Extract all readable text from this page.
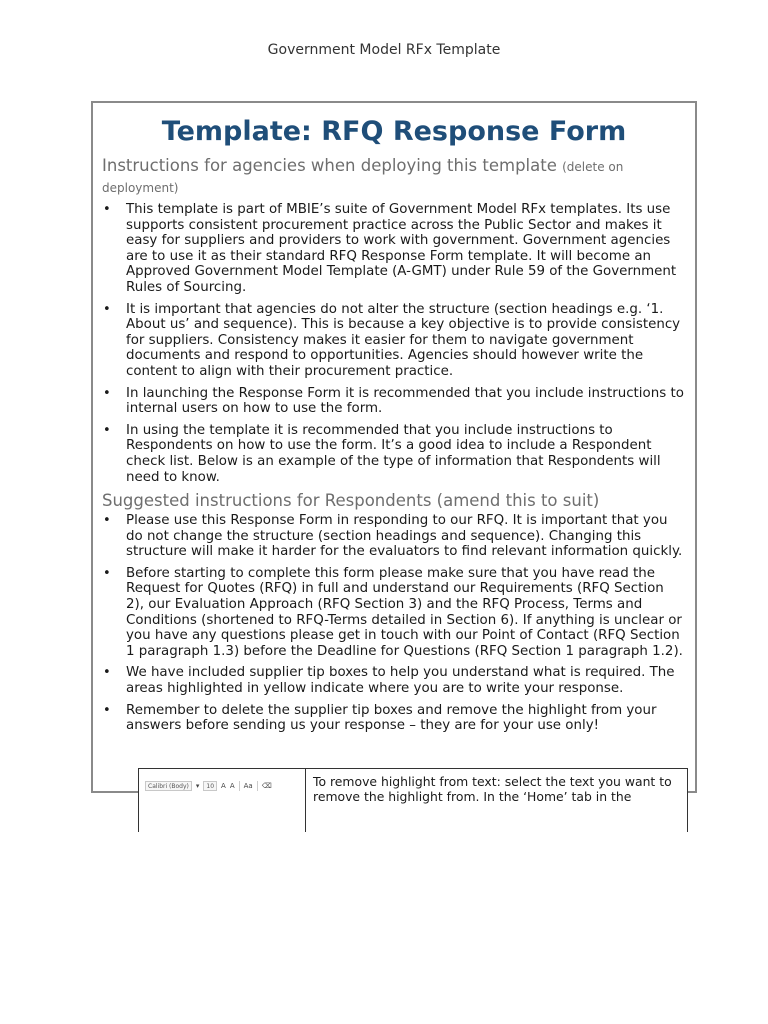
Government Model RFx Template
Template: RFQ Response Form
Instructions for agencies when deploying this template (delete on deployment)
• This template is part of MBIE’s suite of Government Model RFx templates. Its use supports consistent procurement practice across the Public Sector and makes it easy for suppliers and providers to work with government. Government agencies are to use it as their standard RFQ Response Form template. It will become an Approved Government Model Template (A-GMT) under Rule 59 of the Government Rules of Sourcing.
• It is important that agencies do not alter the structure (section headings e.g. ‘1. About us’ and sequence). This is because a key objective is to provide consistency for suppliers. Consistency makes it easier for them to navigate government documents and respond to opportunities. Agencies should however write the content to align with their procurement practice.
• In launching the Response Form it is recommended that you include instructions to internal users on how to use the form.
• In using the template it is recommended that you include instructions to Respondents on how to use the form. It’s a good idea to include a Respondent check list. Below is an example of the type of information that Respondents will need to know.
Suggested instructions for Respondents (amend this to suit)
• Please use this Response Form in responding to our RFQ. It is important that you do not change the structure (section headings and sequence). Changing this structure will make it harder for the evaluators to find relevant information quickly.
• Before starting to complete this form please make sure that you have read the Request for Quotes (RFQ) in full and understand our Requirements (RFQ Section 2), our Evaluation Approach (RFQ Section 3) and the RFQ Process, Terms and Conditions (shortened to RFQ-Terms detailed in Section 6). If anything is unclear or you have any questions please get in touch with our Point of Contact (RFQ Section 1 paragraph 1.3) before the Deadline for Questions (RFQ Section 1 paragraph 1.2).
• We have included supplier tip boxes to help you understand what is required. The areas highlighted in yellow indicate where you are to write your response.
• Remember to delete the supplier tip boxes and remove the highlight from your answers before sending us your response – they are for your use only!
Calibri (Body)	▾	10	A A Aa ⌫	To remove highlight from text: select the text you want to remove the highlight from. In the ‘Home’ tab in the
